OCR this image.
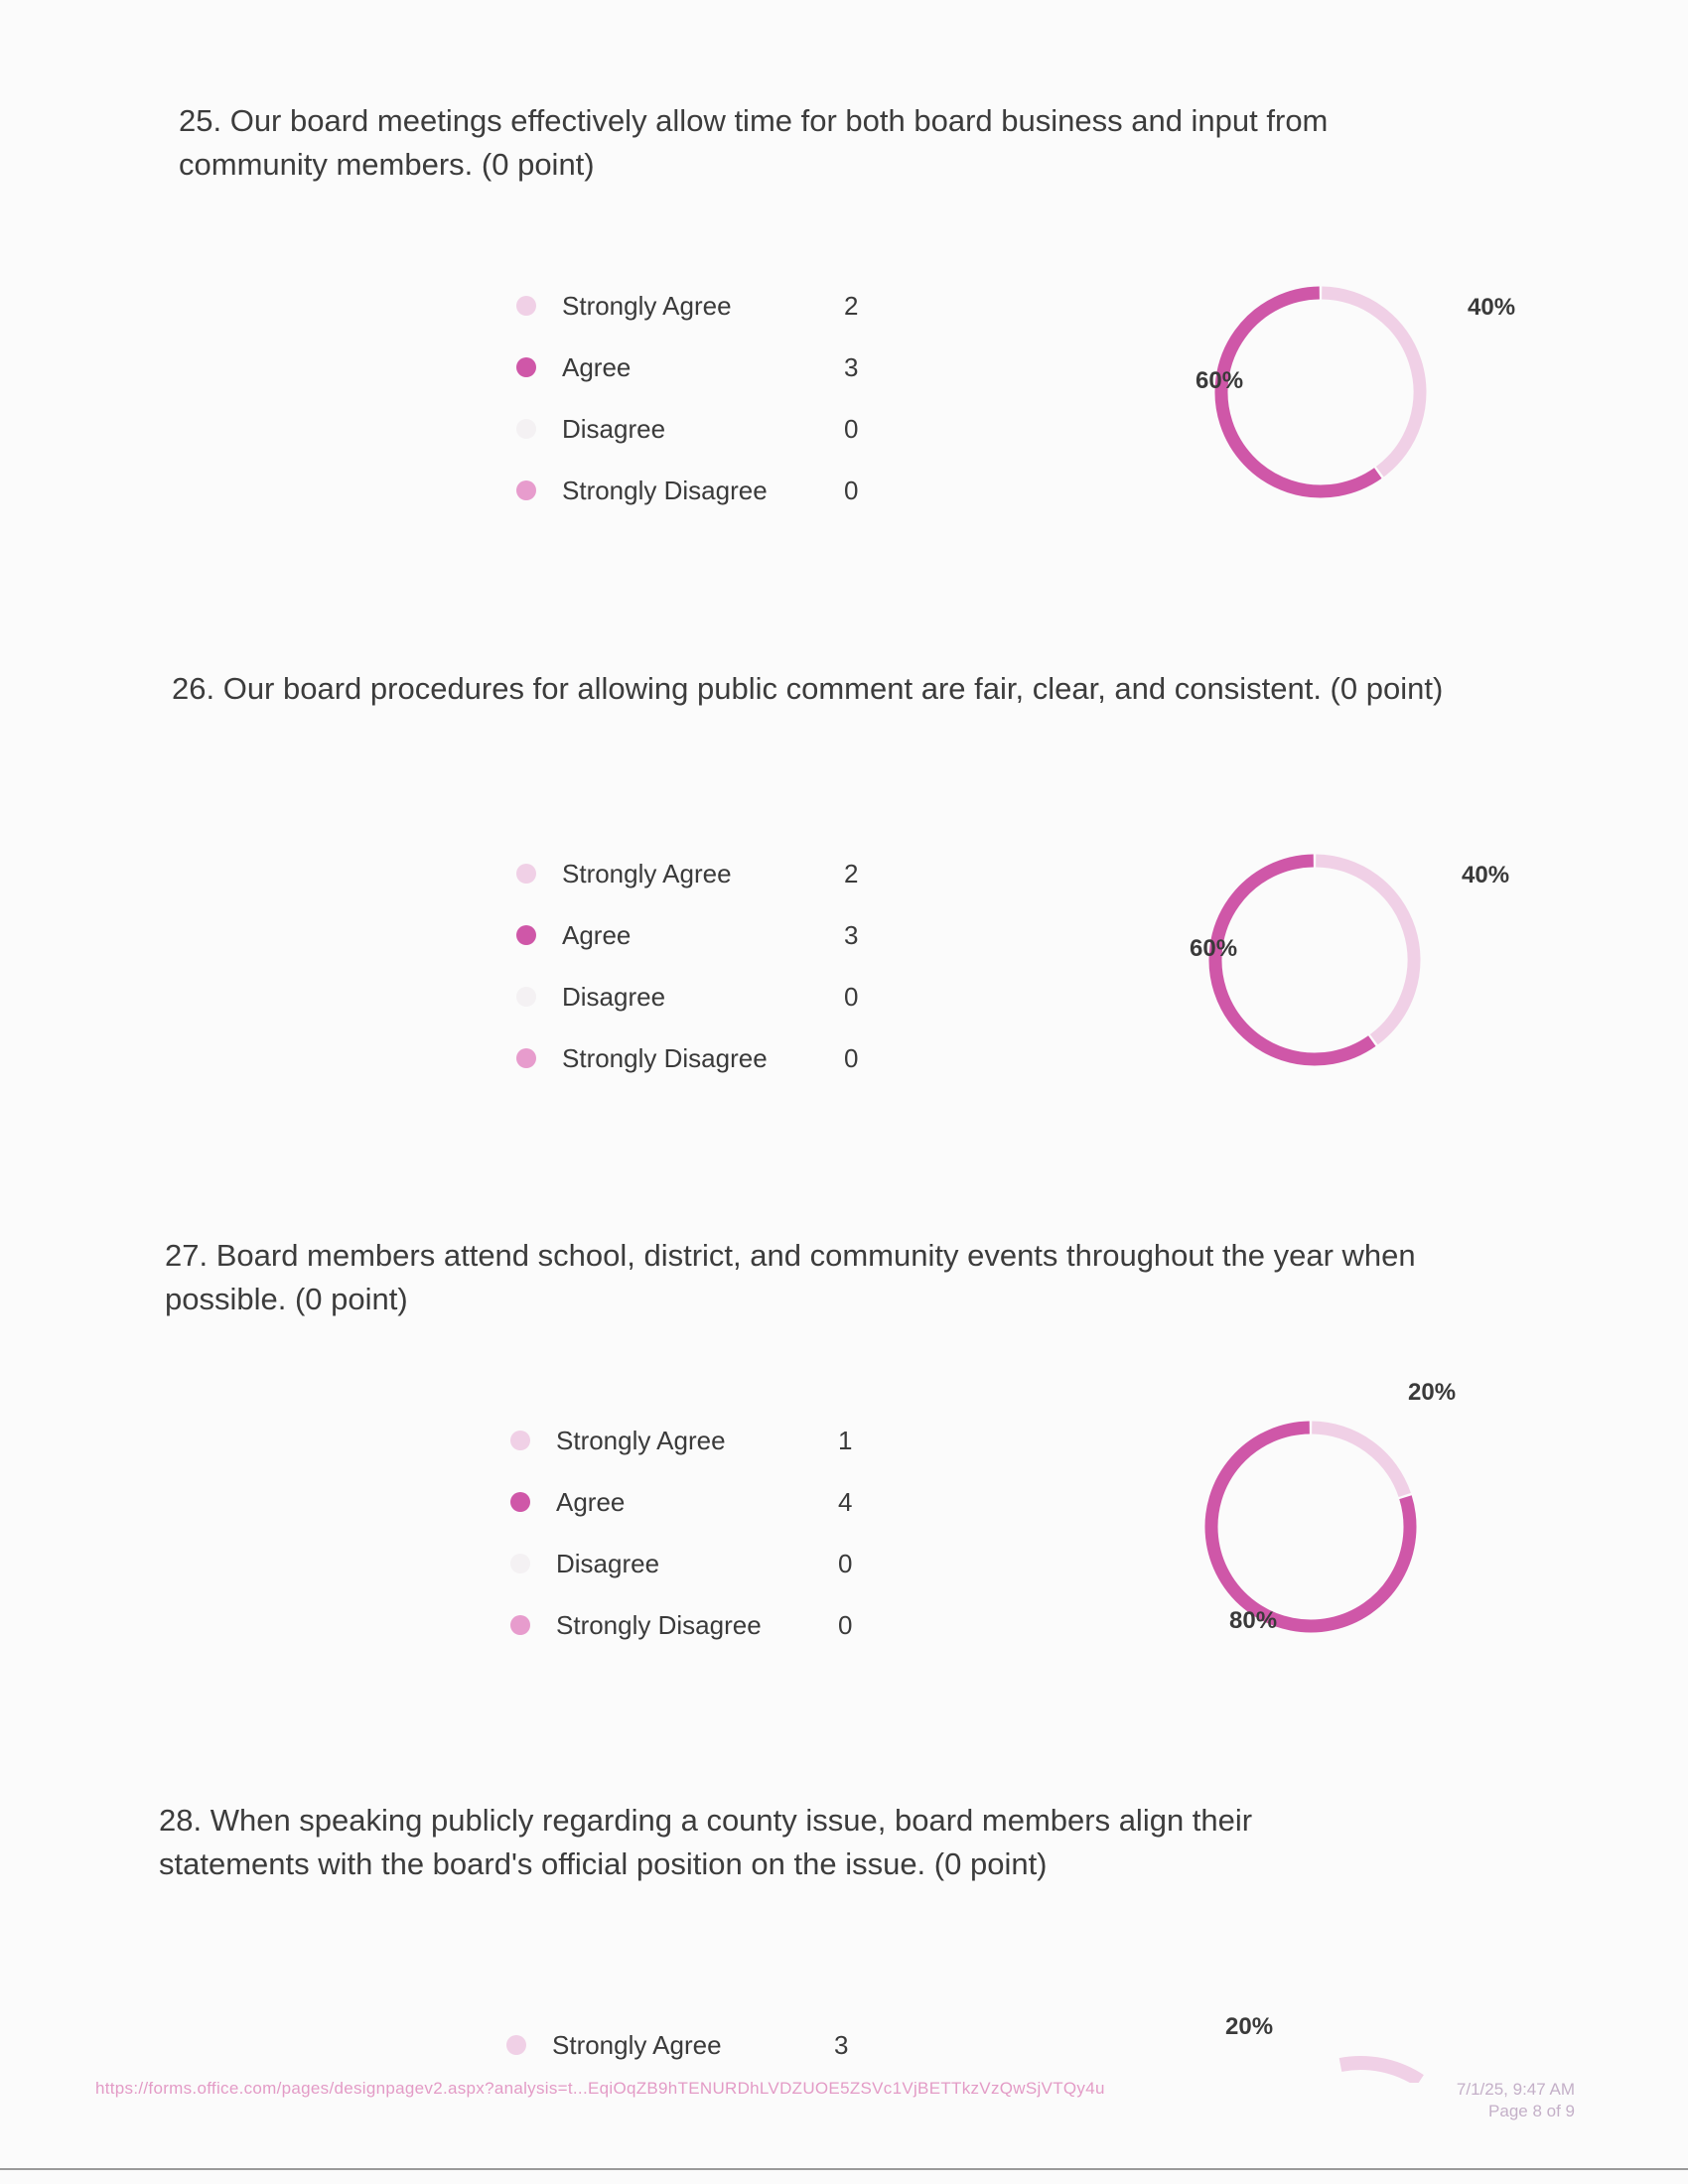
25. Our board meetings effectively allow time for both board business and input from community members. (0 point)
Strongly Agree	2
Agree	3
Disagree	0
Strongly Disagree	0
40%
60%
26. Our board procedures for allowing public comment are fair, clear, and consistent. (0 point)
Strongly Agree	2
Agree	3
Disagree	0
Strongly Disagree	0
40%
60%
27. Board members attend school, district, and community events throughout the year when possible. (0 point)
Strongly Agree	1
Agree	4
Disagree	0
Strongly Disagree	0
20%
80%
28. When speaking publicly regarding a county issue, board members align their statements with the board's official position on the issue. (0 point)
Strongly Agree	3
20%
https://forms.office.com/pages/designpagev2.aspx?analysis=t...EqiOqZB9hTENURDhLVDZUOE5ZSVc1VjBETTkzVzQwSjVTQy4u	7/1/25, 9:47 AM
Page 8 of 9
